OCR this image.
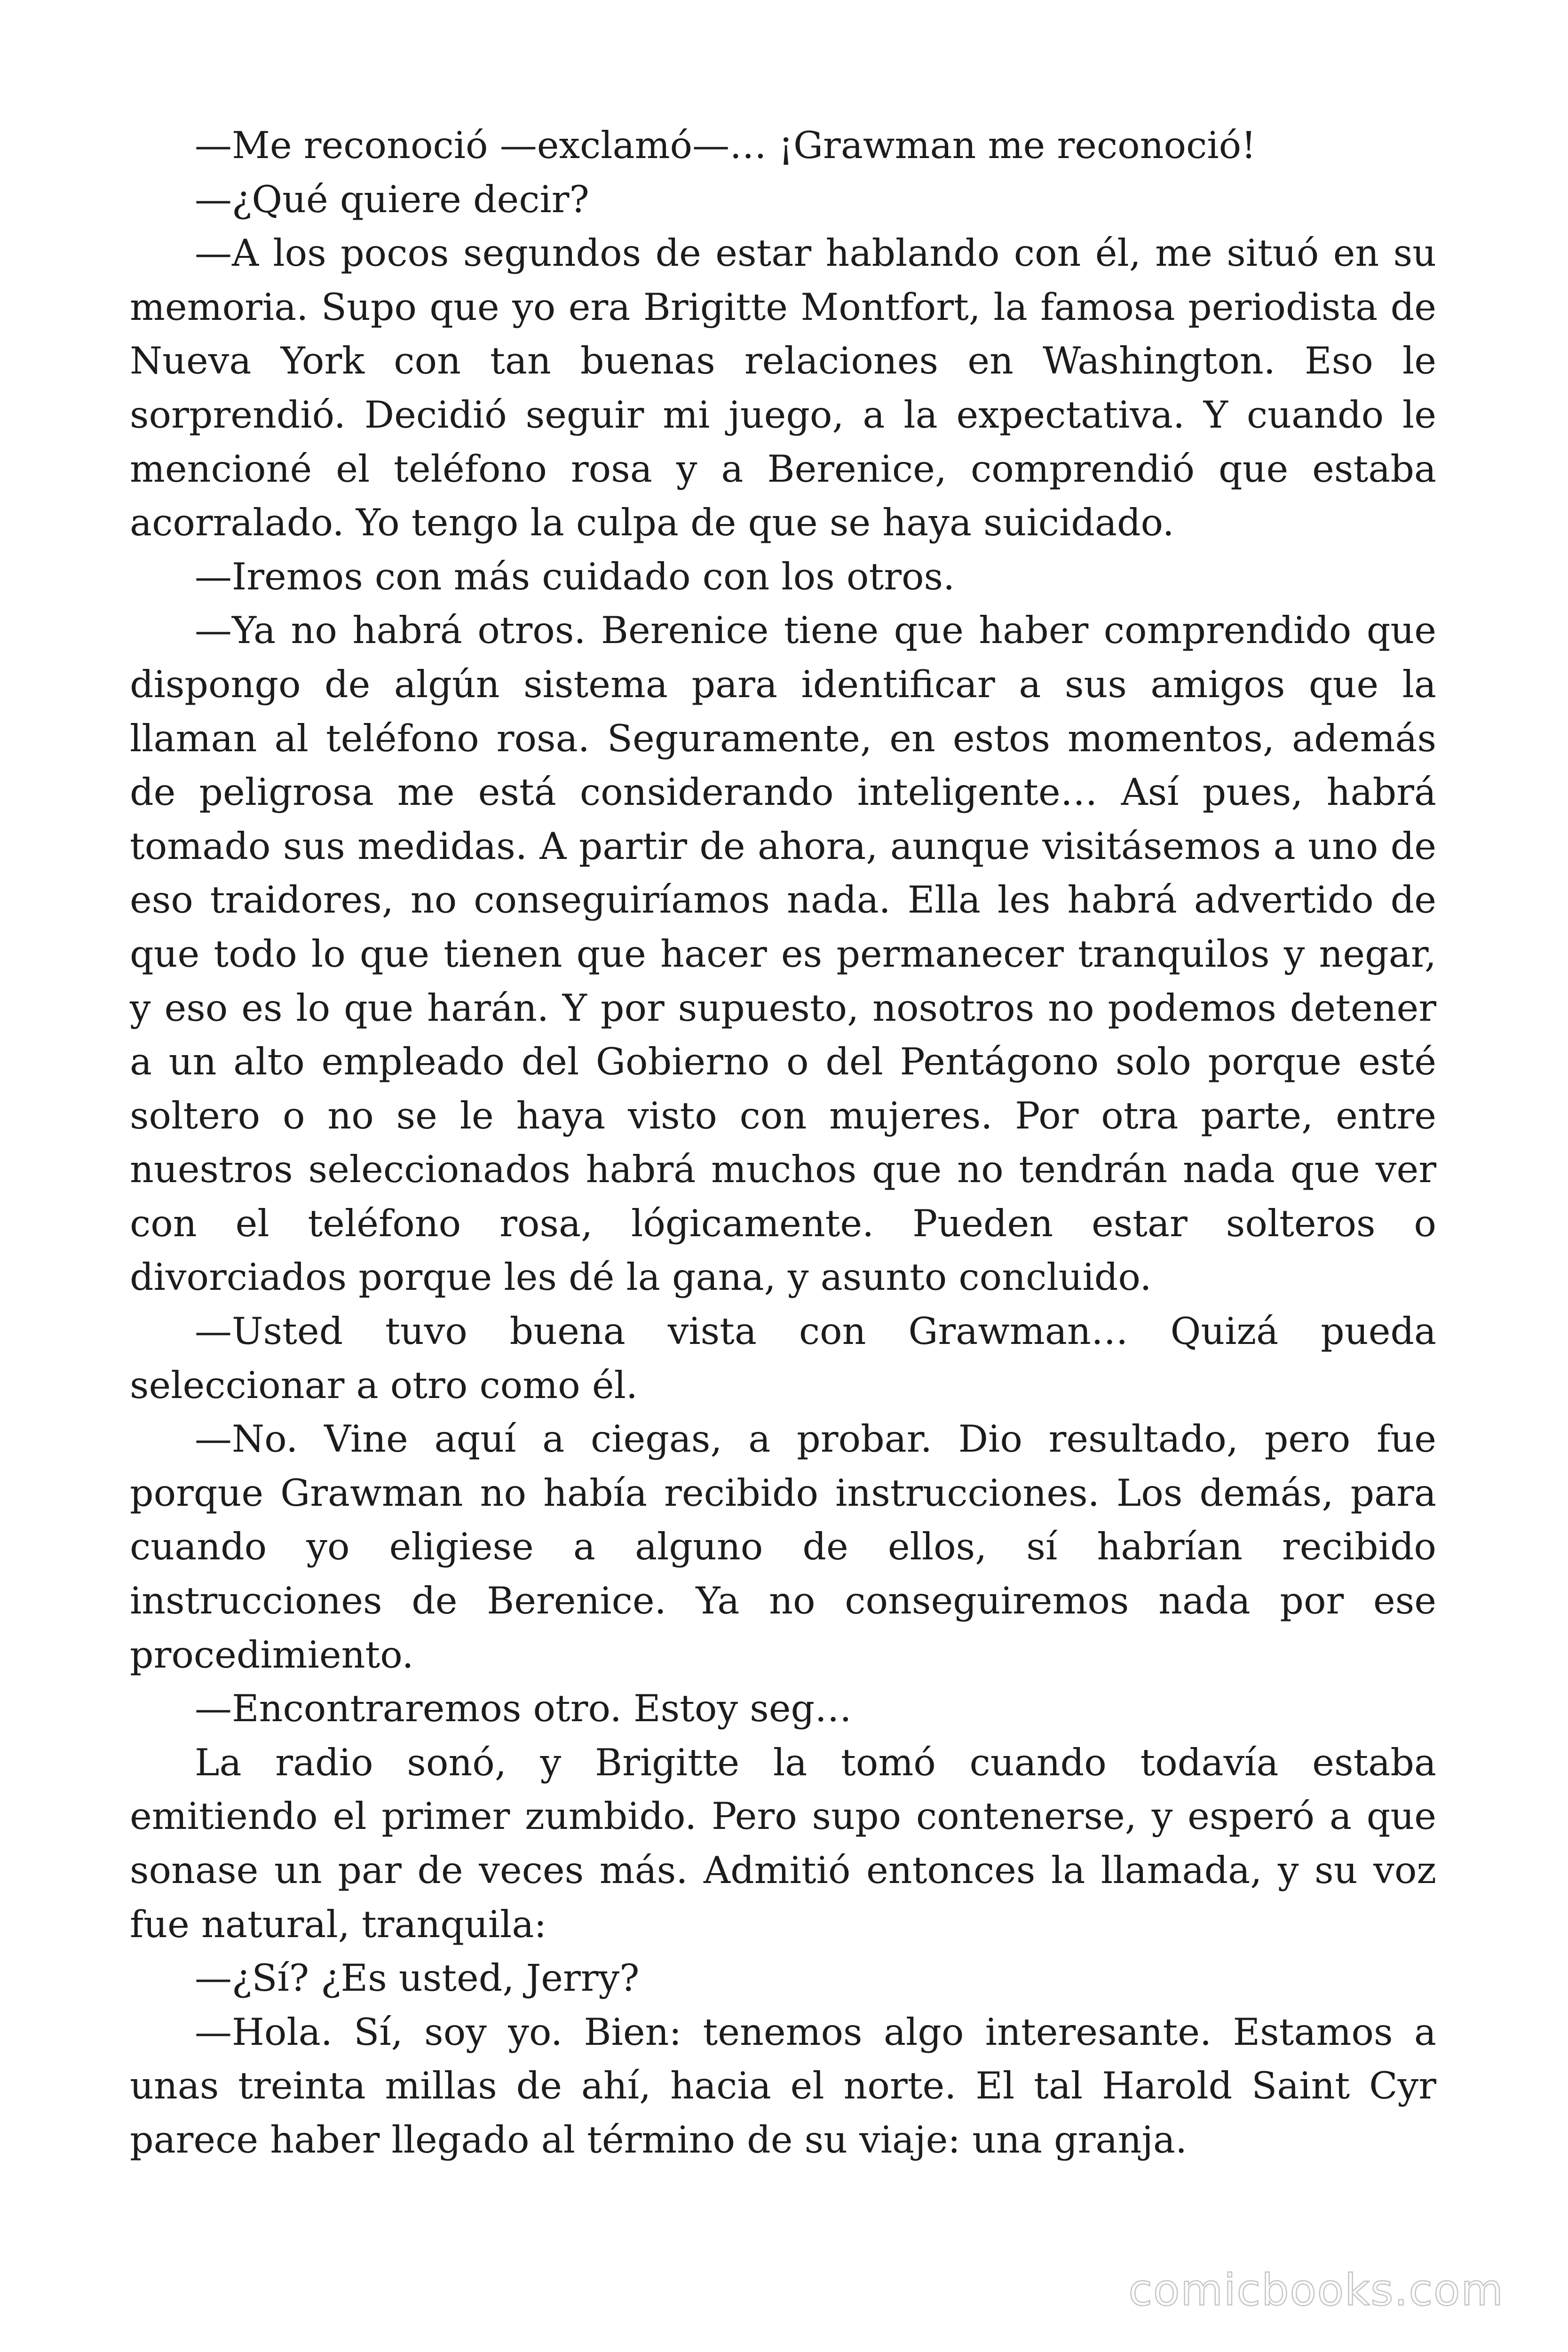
—Me reconoció —exclamó—… ¡Grawman me reconoció!

—¿Qué quiere decir?

—A los pocos segundos de estar hablando con él, me situó en su memoria. Supo que yo era Brigitte Montfort, la famosa periodista de Nueva York con tan buenas relaciones en Washington. Eso le sorprendió. Decidió seguir mi juego, a la expectativa. Y cuando le mencioné el teléfono rosa y a Berenice, comprendió que estaba acorralado. Yo tengo la culpa de que se haya suicidado.

—Iremos con más cuidado con los otros.

—Ya no habrá otros. Berenice tiene que haber comprendido que dispongo de algún sistema para identificar a sus amigos que la llaman al teléfono rosa. Seguramente, en estos momentos, además de peligrosa me está considerando inteligente… Así pues, habrá tomado sus medidas. A partir de ahora, aunque visitásemos a uno de eso traidores, no conseguiríamos nada. Ella les habrá advertido de que todo lo que tienen que hacer es permanecer tranquilos y negar, y eso es lo que harán. Y por supuesto, nosotros no podemos detener a un alto empleado del Gobierno o del Pentágono solo porque esté soltero o no se le haya visto con mujeres. Por otra parte, entre nuestros seleccionados habrá muchos que no tendrán nada que ver con el teléfono rosa, lógicamente. Pueden estar solteros o divorciados porque les dé la gana, y asunto concluido.

—Usted tuvo buena vista con Grawman… Quizá pueda seleccionar a otro como él.

—No. Vine aquí a ciegas, a probar. Dio resultado, pero fue porque Grawman no había recibido instrucciones. Los demás, para cuando yo eligiese a alguno de ellos, sí habrían recibido instrucciones de Berenice. Ya no conseguiremos nada por ese procedimiento.

—Encontraremos otro. Estoy seg…

La radio sonó, y Brigitte la tomó cuando todavía estaba emitiendo el primer zumbido. Pero supo contenerse, y esperó a que sonase un par de veces más. Admitió entonces la llamada, y su voz fue natural, tranquila:

—¿Sí? ¿Es usted, Jerry?

—Hola. Sí, soy yo. Bien: tenemos algo interesante. Estamos a unas treinta millas de ahí, hacia el norte. El tal Harold Saint Cyr parece haber llegado al término de su viaje: una granja.

comicbooks.com
